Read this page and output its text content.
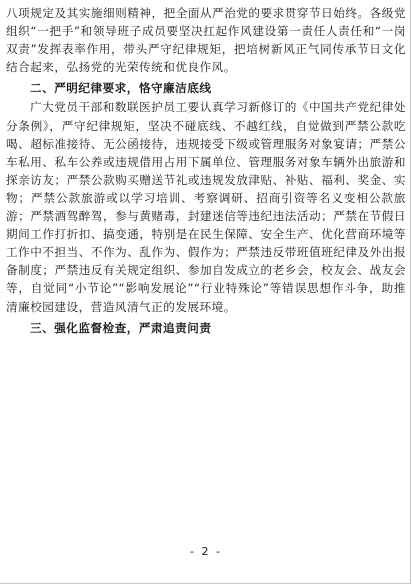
八项规定及其实施细则精神，把全面从严治党的要求贯穿节日始终。各级党组织“一把手”和领导班子成员要坚决扛起作风建设第一责任人责任和“一岗双责”发挥表率作用，带头严守纪律规矩，把培树新风正气同传承节日文化结合起来，弘扬党的光荣传统和优良作风。

二、严明纪律要求，恪守廉洁底线

广大党员干部和数联医护员工要认真学习新修订的《中国共产党纪律处分条例》，严守纪律规矩，坚决不碰底线、不越红线，自觉做到严禁公款吃喝、超标准接待、无公函接待，违规接受下级或管理服务对象宴请；严禁公车私用、私车公养或违规借用占用下属单位、管理服务对象车辆外出旅游和探亲访友；严禁公款购买赠送节礼或违规发放津贴、补贴、福利、奖金、实物；严禁公款旅游或以学习培训、考察调研、招商引资等名义变相公款旅游；严禁酒驾醉驾，参与黄赌毒，封建迷信等违纪违法活动；严禁在节假日期间工作打折扣、搞变通，特别是在民生保障、安全生产、优化营商环境等工作中不担当、不作为、乱作为、假作为；严禁违反带班值班纪律及外出报备制度；严禁违反有关规定组织、参加自发成立的老乡会，校友会、战友会等，自觉同“小节论”“影响发展论”“行业特殊论”等错误思想作斗争，助推清廉校园建设，营造风清气正的发展环境。

三、强化监督检查，严肃追责问责

- 2 -
